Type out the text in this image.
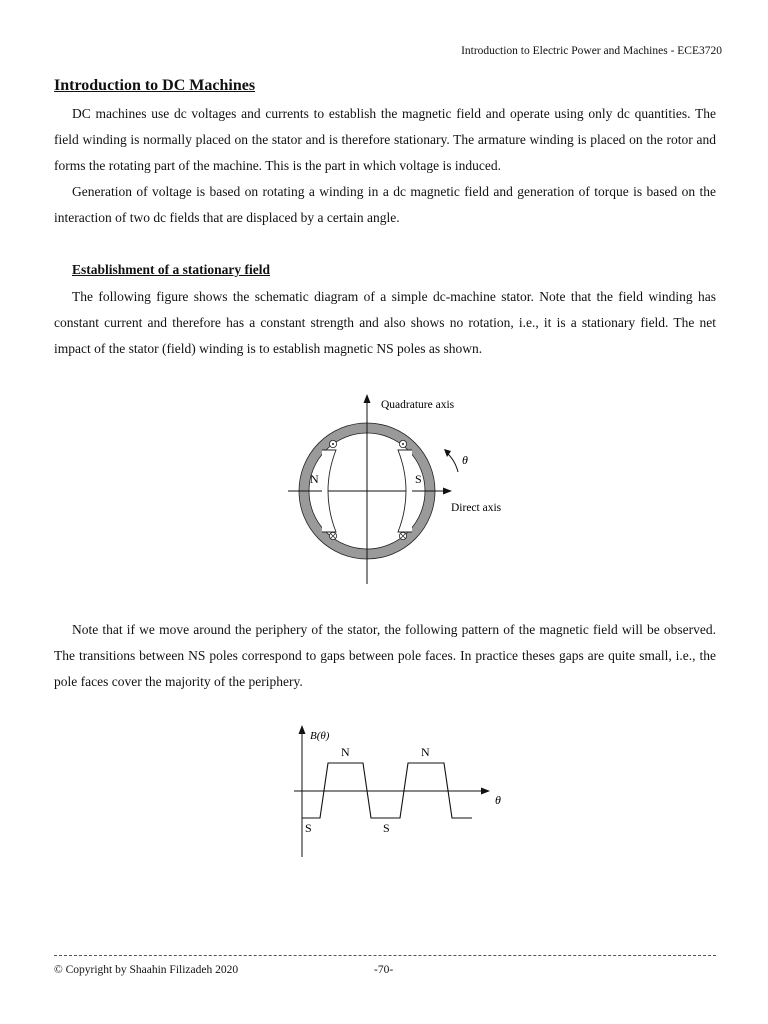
Introduction to Electric Power and Machines - ECE3720
Introduction to DC Machines

DC machines use dc voltages and currents to establish the magnetic field and operate using only dc quantities. The field winding is normally placed on the stator and is therefore stationary. The armature winding is placed on the rotor and forms the rotating part of the machine. This is the part in which voltage is induced.

Generation of voltage is based on rotating a winding in a dc magnetic field and generation of torque is based on the interaction of two dc fields that are displaced by a certain angle.

Establishment of a stationary field

The following figure shows the schematic diagram of a simple dc-machine stator. Note that the field winding has constant current and therefore has a constant strength and also shows no rotation, i.e., it is a stationary field. The net impact of the stator (field) winding is to establish magnetic NS poles as shown.

Quadrature axis
Direct axis
θ
N	S

Note that if we move around the periphery of the stator, the following pattern of the magnetic field will be observed. The transitions between NS poles correspond to gaps between pole faces. In practice theses gaps are quite small, i.e., the pole faces cover the majority of the periphery.

B(θ)
θ
N	N
S	S
© Copyright by Shaahin Filizadeh 2020	-70-
